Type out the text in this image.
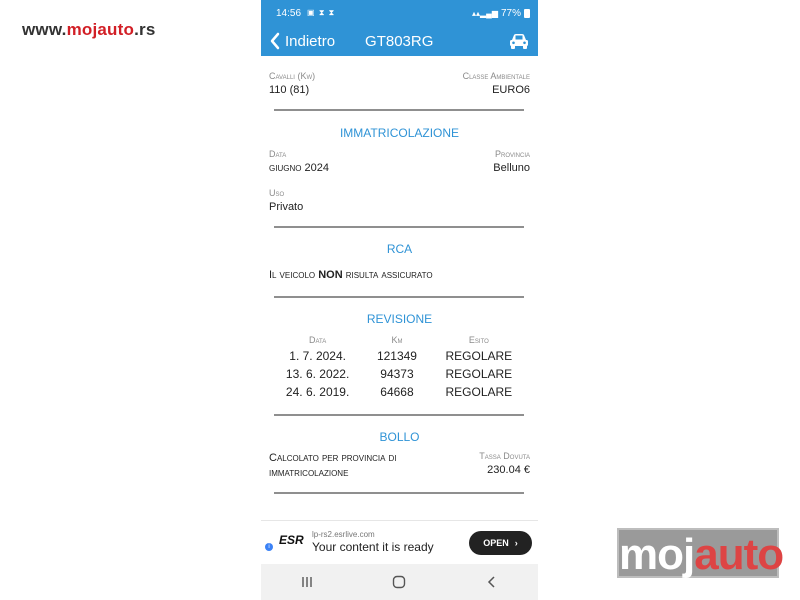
www.mojauto.rs
14:56 ▣ ⧗ ⧗	▴▴▂▄▆ 77%
Indietro GT803RG
Cavalli (Kw)
110 (81)
Classe Ambientale
EURO6
IMMATRICOLAZIONE
Data
giugno 2024
Provincia
Belluno
Uso
Privato
RCA
Il veicolo NON risulta assicurato
REVISIONE
Data	Km	Esito
1. 7. 2024.	121349	REGOLARE
13. 6. 2022.	94373	REGOLARE
24. 6. 2019.	64668	REGOLARE
BOLLO
Calcolato per provincia di
immatricolazione
Tassa Dovuta
230.04 €
i ESR lp-rs2.esrlive.com
Your content it is ready	OPEN › mojauto
